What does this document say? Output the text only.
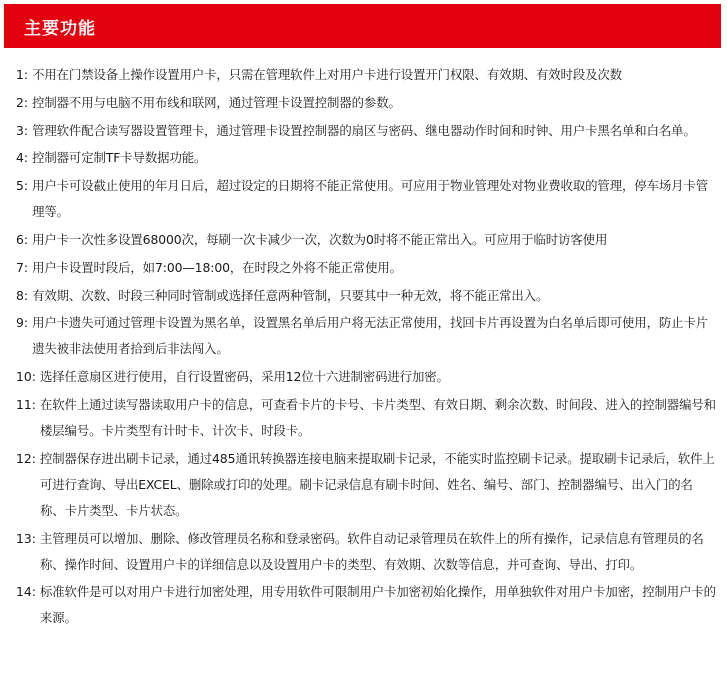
主要功能
1: 不用在门禁设备上操作设置用户卡，只需在管理软件上对用户卡进行设置开门权限、有效期、有效时段及次数
2: 控制器不用与电脑不用布线和联网，通过管理卡设置控制器的参数。
3: 管理软件配合读写器设置管理卡，通过管理卡设置控制器的扇区与密码、继电器动作时间和时钟、用户卡黑名单和白名单。
4: 控制器可定制TF卡导数据功能。
5: 用户卡可设截止使用的年月日后，超过设定的日期将不能正常使用。可应用于物业管理处对物业费收取的管理，停车场月卡管理等。
6: 用户卡一次性多设置68000次，每刷一次卡减少一次，次数为0时将不能正常出入。可应用于临时访客使用
7: 用户卡设置时段后，如7:00—18:00，在时段之外将不能正常使用。
8: 有效期、次数、时段三种同时管制或选择任意两种管制，只要其中一种无效，将不能正常出入。
9: 用户卡遗失可通过管理卡设置为黑名单，设置黑名单后用户将无法正常使用，找回卡片再设置为白名单后即可使用，防止卡片遗失被非法使用者拾到后非法闯入。
10: 选择任意扇区进行使用，自行设置密码，采用12位十六进制密码进行加密。
11: 在软件上通过读写器读取用户卡的信息，可查看卡片的卡号、卡片类型、有效日期、剩余次数、时间段、进入的控制器编号和楼层编号。卡片类型有计时卡、计次卡、时段卡。
12: 控制器保存进出刷卡记录，通过485通讯转换器连接电脑来提取刷卡记录，不能实时监控刷卡记录。提取刷卡记录后，软件上可进行查询、导出EXCEL、删除或打印的处理。刷卡记录信息有刷卡时间、姓名、编号、部门、控制器编号、出入门的名称、卡片类型、卡片状态。
13: 主管理员可以增加、删除、修改管理员名称和登录密码。软件自动记录管理员在软件上的所有操作，记录信息有管理员的名称、操作时间、设置用户卡的详细信息以及设置用户卡的类型、有效期、次数等信息，并可查询、导出、打印。
14: 标准软件是可以对用户卡进行加密处理，用专用软件可限制用户卡加密初始化操作，用单独软件对用户卡加密，控制用户卡的来源。
